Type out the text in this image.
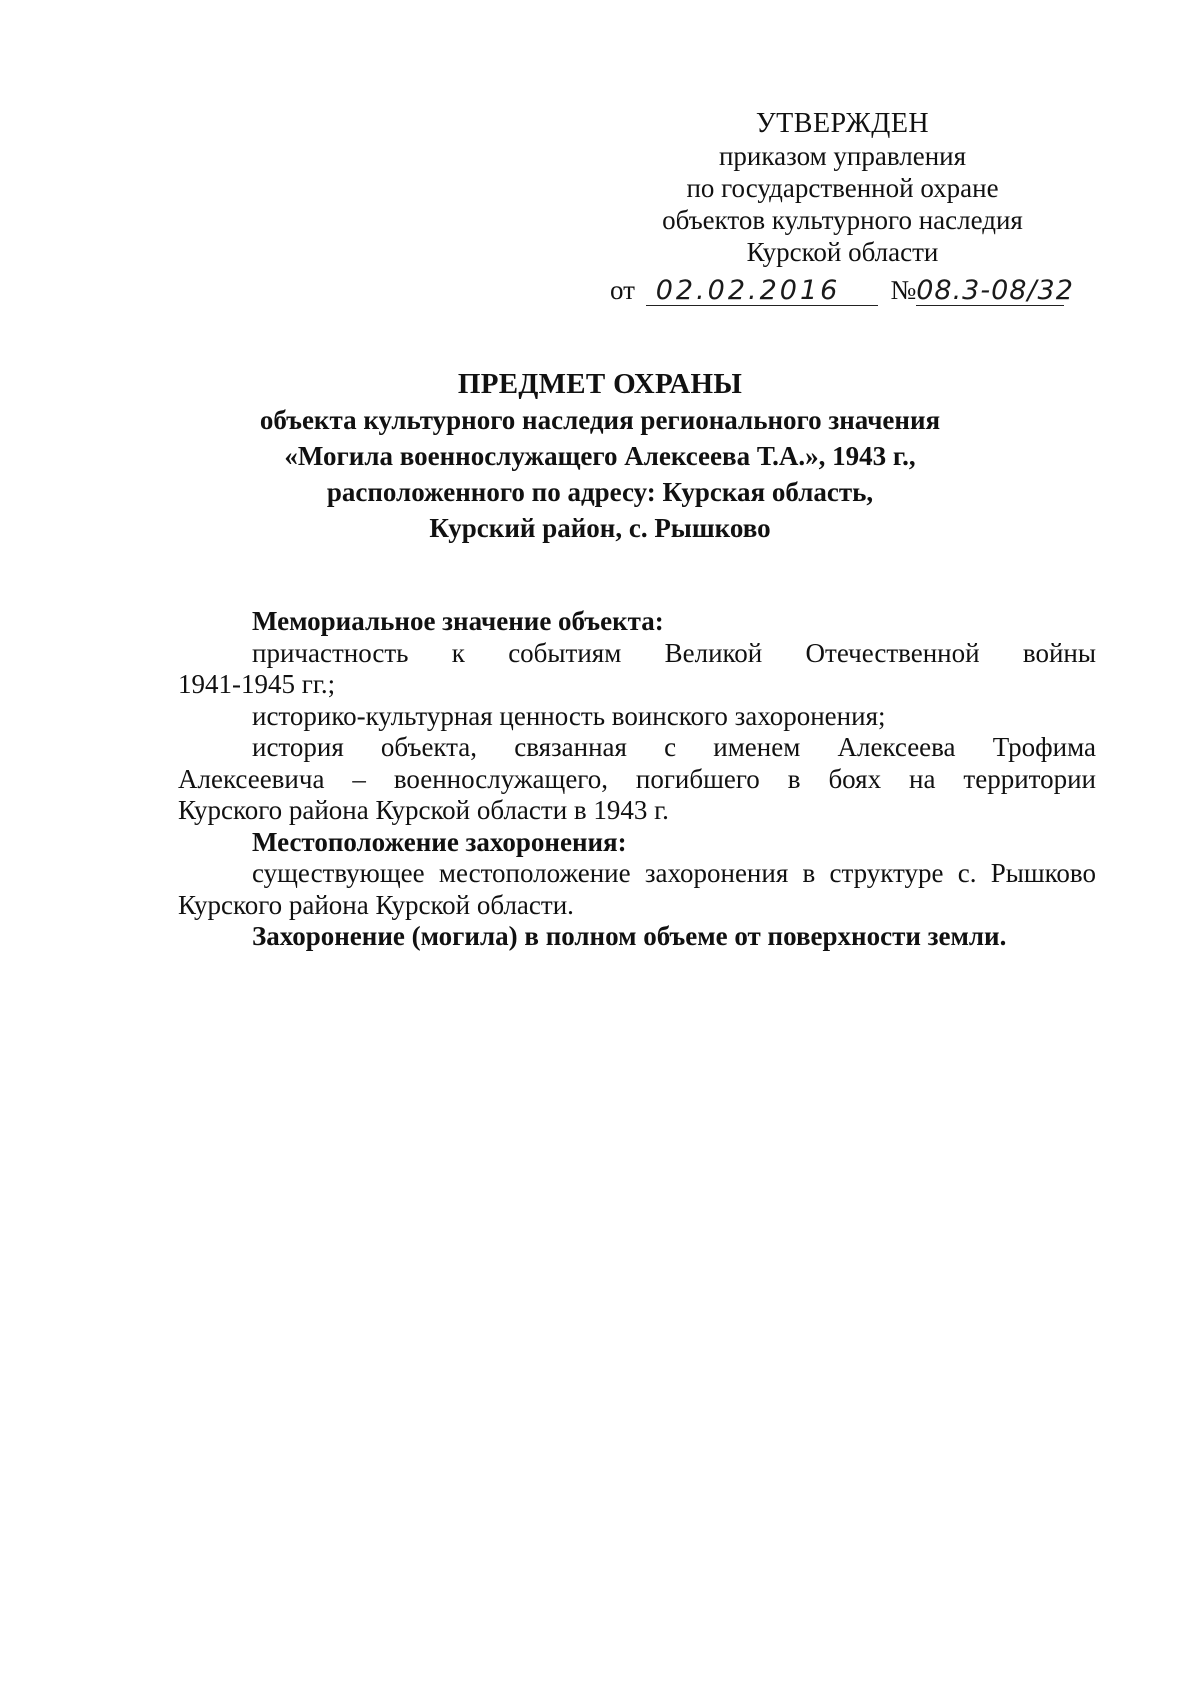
УТВЕРЖДЕН
приказом управления
по государственной охране
объектов культурного наследия
Курской области
от 02.02.2016 №08.3-08/32
ПРЕДМЕТ ОХРАНЫ
объекта культурного наследия регионального значения
«Могила военнослужащего Алексеева Т.А.», 1943 г.,
расположенного по адресу: Курская область,
Курский район, с. Рышково

Мемориальное значение объекта:

причастность к событиям Великой Отечественной войны

1941-1945 гг.;

историко-культурная ценность воинского захоронения;

история объекта, связанная с именем Алексеева Трофима

Алексеевича – военнослужащего, погибшего в боях на территории

Курского района Курской области в 1943 г.

Местоположение захоронения:

существующее местоположение захоронения в структуре с. Рышково

Курского района Курской области.

Захоронение (могила) в полном объеме от поверхности земли.
